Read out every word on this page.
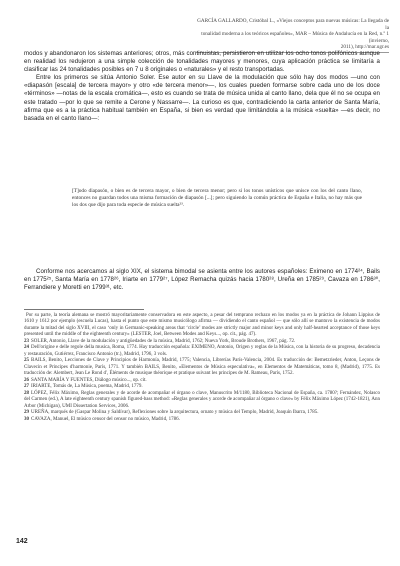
GARCÍA GALLARDO, Cristóbal L., «Viejos conceptos para nuevas músicas: La llegada de la
tonalidad moderna a los teóricos españoles», MAR – Música de Andalucía en la Red, n.º 1 (invierno,
2011), http://mar.ugr.es

modos y abandonaron los sistemas anteriores; otros, más continuistas, persistieron en utilizar los ocho tonos polifónicos aunque en realidad los redujeron a una simple colección de tonalidades mayores y menores, cuya aplicación práctica se limitaría a clasificar las 24 tonalidades posibles en 7 u 8 originales o «naturales» y el resto transportadas.

Entre los primeros se sitúa Antonio Soler. Ese autor en su Llave de la modulación que sólo hay dos modos —uno con «diapasón [escala] de tercera mayor» y otro «de tercera menor»—, los cuales pueden formarse sobre cada uno de los doce «términos» —notas de la escala cromática—, esto es cuando se trata de música unida al canto llano, dela que él no se ocupa en este tratado —por lo que se remite a Cerone y Nassarre—. La curioso es que, contradiciendo la carta anterior de Santa María, afirma que es a la práctica habitual también en España, si bien es verdad que limitándola a la música «suelta» —es decir, no basada en el canto llano—:

[T]odo diapasón, o bien es de tercera mayor, o bien de tercera menor; pero si los tonos unísticos que unisce con los del canto llano, entonces no guardan todos una misma formación de diapasón [...]; pero siguiendo la común práctica de España e Italia, no hay más que los dos que dijo para toda especie de música suelta²³.

Conforme nos acercamos al siglo XIX, el sistema bimodal se asienta entre los autores españoles: Eximeno en 1774²⁴, Bails en 1775²⁵, Santa María en 1778²⁶, Iriarte en 1779²⁷, López Remacha quizás hacia 1780²⁸, Ureña en 1785²⁹, Cavaza en 1786³⁰, Ferrandiere y Moretti en 1799³¹, etc.

Por su parte, la teoría alemana se mostró mayoritariamente conservadora en este aspecto, a pesar del temprano rechazo en los modos ya en la práctica de Johann Lippius de 1610 y 1612 por ejemplo (escuela Lucas), hasta el punto que este mismo musicólogo afirma — dividiendo el canto español — que sólo allí se mantuvo la existencia de modos durante la mitad del siglo XVIII, el caso ‘only in Germanic-speaking areas that ‘circle’ modes are strictly major and minor keys and only half-hearted acceptance of those keys presented until the middle of the eighteenth century» (LESTER, Joel, Between Modes and Keys..., op. cit., pág. 47).

23 SOLER, Antonio, Llave de la modulación y antigüedades de la música, Madrid, 1762; Nueva York, Broude Brothers, 1967, pág. 72.

24 Dell'origine e delle regole della musica, Roma, 1774. Hay traducción española: EXIMENO, Antonio, Origen y reglas de la Música, con la historia de su progreso, decadencia y restauración, Gutiérrez, Francisco Antonio (tr.), Madrid, 1796, 3 vols.

25 BAILS, Benito, Lecciones de Clave y Principios de Harmonía, Madrid, 1775; Valencia, Librerías París-Valencia, 2004. Es traducción de: Bemetzrieder, Anton, Leçons de Clavecin et Principes d'harmonie, París, 1771. Y también BAILS, Benito, «Elementos de Música especulativa», en Elementos de Matemáticas, tomo 8, (Madrid), 1775. Es traducción de: Alembert, Jean Le Rond d', Éléments de musique théorique et pratique suivant les principes de M. Rameau, París, 1752.

26 SANTA MARÍA Y FUENTES, Diálogo músico..., op. cit.

27 IRIARTE, Tomás de, La Música, poema, Madrid, 1779.

28 LÓPEZ, Félix Máximo, Reglas generales y de acorde de acompañar el órgano o clave, Manuscrito M/1180, Biblioteca Nacional de España, ca. 1780?; Fernández, Nolasco del Carmen (ed.), A late eighteenth century spanish figured-bass method: «Reglas generales y acorde de acompañar al órgano o clave» by Félix Máximo López (1742-1821), Ann Arbor (Michigan), UMI Dissertation Services, 2006.

29 UREÑA, marqués de (Gaspar Molina y Saldívar), Reflexiones sobre la arquitectura, ornato y música del Templo, Madrid, Joaquín Ibarra, 1785.

30 CAVAZA, Manuel, El músico censor del censor no músico, Madrid, 1786.

142
